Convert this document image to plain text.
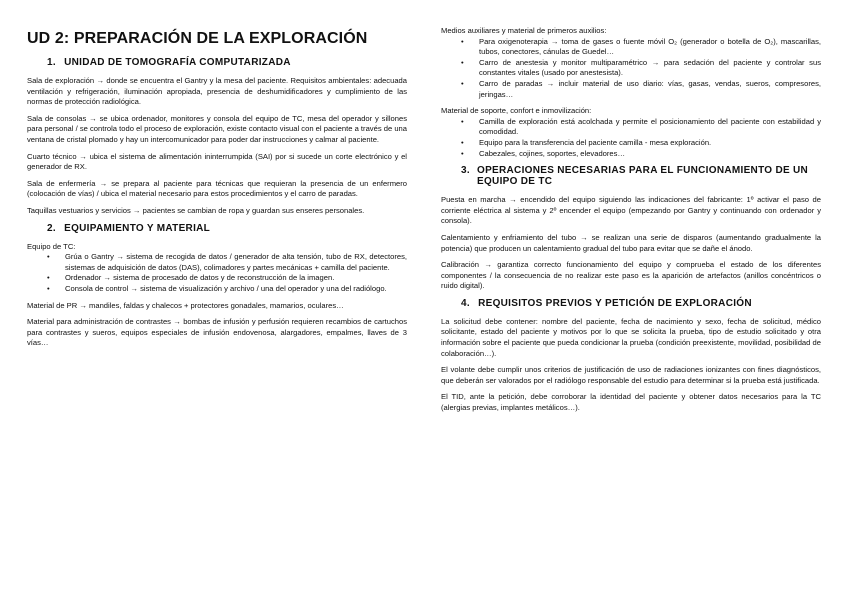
UD 2: PREPARACIÓN DE LA EXPLORACIÓN
1. UNIDAD DE TOMOGRAFÍA COMPUTARIZADA

Sala de exploración → donde se encuentra el Gantry y la mesa del paciente. Requisitos ambientales: adecuada ventilación y refrigeración, iluminación apropiada, presencia de deshumidificadores y cumplimiento de las normas de protección radiológica.

Sala de consolas → se ubica ordenador, monitores y consola del equipo de TC, mesa del operador y sillones para personal / se controla todo el proceso de exploración, existe contacto visual con el paciente a través de una ventana de cristal plomado y hay un intercomunicador para poder dar instrucciones y calmar al paciente.

Cuarto técnico → ubica el sistema de alimentación ininterrumpida (SAI) por si sucede un corte electrónico y el generador de RX.

Sala de enfermería → se prepara al paciente para técnicas que requieran la presencia de un enfermero (colocación de vías) / ubica el material necesario para estos procedimientos y el carro de paradas.

Taquillas vestuarios y servicios → pacientes se cambian de ropa y guardan sus enseres personales.

2. EQUIPAMIENTO Y MATERIAL

Equipo de TC:

• Grúa o Gantry → sistema de recogida de datos / generador de alta tensión, tubo de RX, detectores, sistemas de adquisición de datos (DAS), colimadores y partes mecánicas + camilla del paciente.
• Ordenador → sistema de procesado de datos y de reconstrucción de la imagen.
• Consola de control → sistema de visualización y archivo / una del operador y una del radiólogo.

Material de PR → mandiles, faldas y chalecos + protectores gonadales, mamarios, oculares…

Material para administración de contrastes → bombas de infusión y perfusión requieren recambios de cartuchos para contrastes y sueros, equipos especiales de infusión endovenosa, alargadores, empalmes, llaves de 3 vías…

Medios auxiliares y material de primeros auxilios:

• Para oxigenoterapia → toma de gases o fuente móvil O₂ (generador o botella de O₂), mascarillas, tubos, conectores, cánulas de Guedel…
• Carro de anestesia y monitor multiparamétrico → para sedación del paciente y controlar sus constantes vitales (usado por anestesista).
• Carro de paradas → incluir material de uso diario: vías, gasas, vendas, sueros, compresores, jeringas…

Material de soporte, confort e inmovilización:

• Camilla de exploración está acolchada y permite el posicionamiento del paciente con estabilidad y comodidad.
• Equipo para la transferencia del paciente camilla - mesa exploración.
• Cabezales, cojines, soportes, elevadores…
3. OPERACIONES NECESARIAS PARA EL FUNCIONAMIENTO DE UN EQUIPO DE TC

Puesta en marcha → encendido del equipo siguiendo las indicaciones del fabricante: 1º activar el paso de corriente eléctrica al sistema y 2º encender el equipo (empezando por Gantry y continuando con ordenador y consola).

Calentamiento y enfriamiento del tubo → se realizan una serie de disparos (aumentando gradualmente la potencia) que producen un calentamiento gradual del tubo para evitar que se dañe el ánodo.

Calibración → garantiza correcto funcionamiento del equipo y comprueba el estado de los diferentes componentes / la consecuencia de no realizar este paso es la aparición de artefactos (anillos concéntricos o ruido digital).

4. REQUISITOS PREVIOS Y PETICIÓN DE EXPLORACIÓN

La solicitud debe contener: nombre del paciente, fecha de nacimiento y sexo, fecha de solicitud, médico solicitante, estado del paciente y motivos por lo que se solicita la prueba, tipo de estudio solicitado y otra información sobre el paciente que pueda condicionar la prueba (condición preexistente, movilidad, posibilidad de colaboración…).

El volante debe cumplir unos criterios de justificación de uso de radiaciones ionizantes con fines diagnósticos, que deberán ser valorados por el radiólogo responsable del estudio para determinar si la prueba está justificada.

El TID, ante la petición, debe corroborar la identidad del paciente y obtener datos necesarios para la TC (alergias previas, implantes metálicos…).
